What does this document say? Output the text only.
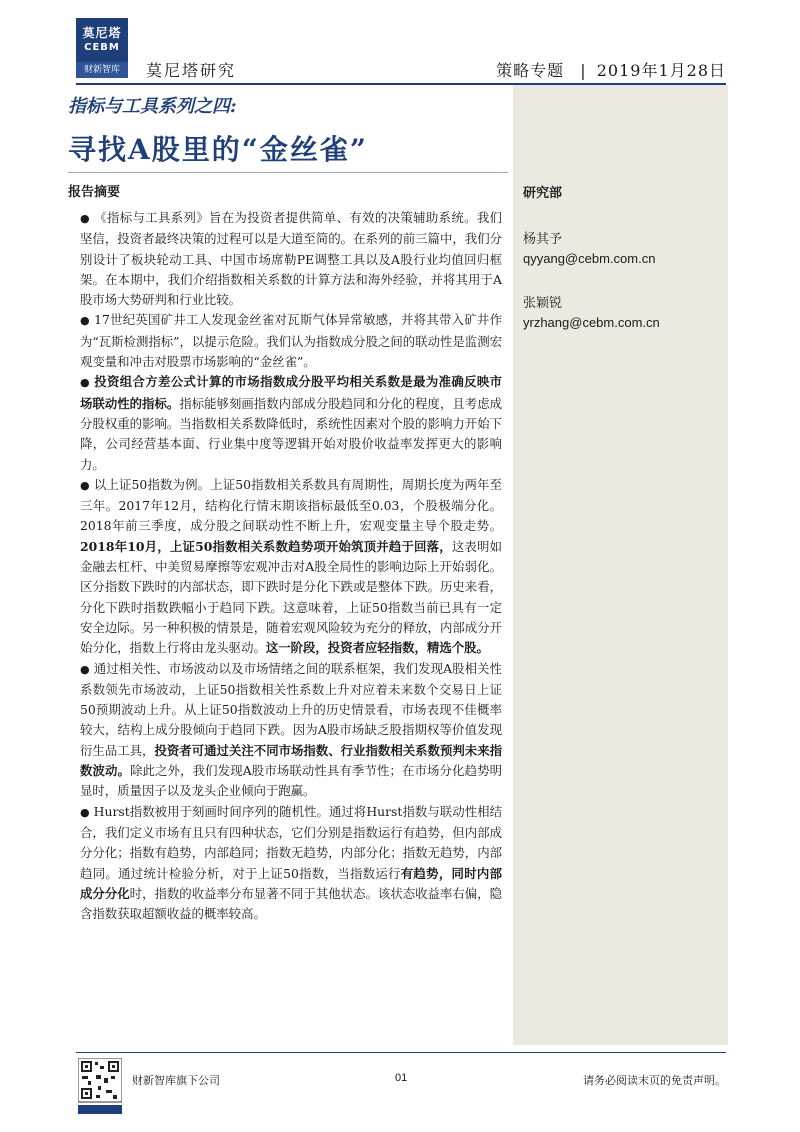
莫尼塔
CEBM
财新智库	莫尼塔研究	策略专题 | 2019年1月28日
研究部
杨其予
qyyang@cebm.com.cn
张颖锐
yrzhang@cebm.com.cn
指标与工具系列之四:
寻找A股里的“金丝雀”
报告摘要

● 《指标与工具系列》旨在为投资者提供简单、有效的决策辅助系统。我们坚信，投资者最终决策的过程可以是大道至简的。在系列的前三篇中，我们分别设计了板块轮动工具、中国市场席勒PE调整工具以及A股行业均值回归框架。在本期中，我们介绍指数相关系数的计算方法和海外经验，并将其用于A股市场大势研判和行业比较。

● 17世纪英国矿井工人发现金丝雀对瓦斯气体异常敏感，并将其带入矿井作为“瓦斯检测指标”，以提示危险。我们认为指数成分股之间的联动性是监测宏观变量和冲击对股票市场影响的“金丝雀”。

● 投资组合方差公式计算的市场指数成分股平均相关系数是最为准确反映市场联动性的指标。指标能够刻画指数内部成分股趋同和分化的程度，且考虑成分股权重的影响。当指数相关系数降低时，系统性因素对个股的影响力开始下降，公司经营基本面、行业集中度等逻辑开始对股价收益率发挥更大的影响力。

● 以上证50指数为例。上证50指数相关系数具有周期性，周期长度为两年至三年。2017年12月，结构化行情末期该指标最低至0.03，个股极端分化。2018年前三季度，成分股之间联动性不断上升，宏观变量主导个股走势。2018年10月，上证50指数相关系数趋势项开始筑顶并趋于回落，这表明如金融去杠杆、中美贸易摩擦等宏观冲击对A股全局性的影响边际上开始弱化。区分指数下跌时的内部状态，即下跌时是分化下跌或是整体下跌。历史来看，分化下跌时指数跌幅小于趋同下跌。这意味着，上证50指数当前已具有一定安全边际。另一种积极的情景是，随着宏观风险较为充分的释放，内部成分开始分化，指数上行将由龙头驱动。这一阶段，投资者应轻指数，精选个股。

● 通过相关性、市场波动以及市场情绪之间的联系框架，我们发现A股相关性系数领先市场波动，上证50指数相关性系数上升对应着未来数个交易日上证50预期波动上升。从上证50指数波动上升的历史情景看，市场表现不佳概率较大，结构上成分股倾向于趋同下跌。因为A股市场缺乏股指期权等价值发现衍生品工具，投资者可通过关注不同市场指数、行业指数相关系数预判未来指数波动。除此之外，我们发现A股市场联动性具有季节性；在市场分化趋势明显时，质量因子以及龙头企业倾向于跑赢。

● Hurst指数被用于刻画时间序列的随机性。通过将Hurst指数与联动性相结合，我们定义市场有且只有四种状态，它们分别是指数运行有趋势，但内部成分分化；指数有趋势，内部趋同；指数无趋势，内部分化；指数无趋势，内部趋同。通过统计检验分析，对于上证50指数，当指数运行有趋势，同时内部成分分化时，指数的收益率分布显著不同于其他状态。该状态收益率右偏，隐含指数获取超额收益的概率较高。

财新智库旗下公司	01	请务必阅读末页的免责声明。
